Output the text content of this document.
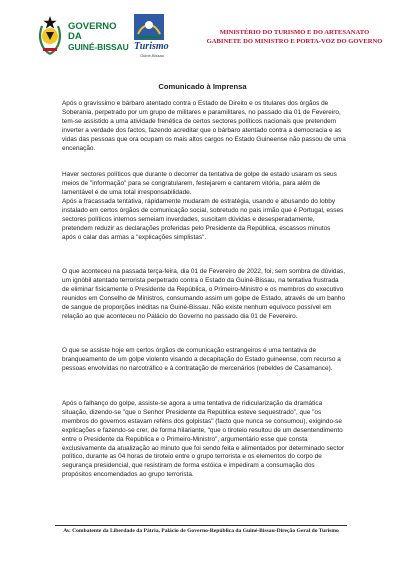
GOVERNO DA
GUINÉ-BISSAU Turismo
Guiné-Bissau
MINISTÉRIO DO TURISMO E DO ARTESANATO
GABINETE DO MINISTRO E PORTA-VOZ DO GOVERNO
Comunicado à Imprensa

Após o gravíssimo e bárbaro atentado contra o Estado de Direito e os titulares dos órgãos de Soberania, perpetrado por um grupo de militares e paramilitares, no passado dia 01 de Fevereiro, tem-se assistido a uma atividade frenética de certos sectores políticos nacionais que pretendem inverter a verdade dos factos, fazendo acreditar que o bárbaro atentado contra a democracia e as vidas das pessoas que ora ocupam os mais altos cargos no Estado Guineense não passou de uma encenação.

Haver sectores políticos que durante o decorrer da tentativa de golpe de estado usaram os seus meios de "informação" para se congratularem, festejarem e cantarem vitória, para além de lamentável é de uma total irresponsabilidade.

Após a fracassada tentativa, rápidamente mudaram de estratégia, usando e abusando do lobby instalado em certos órgãos de comunicação social, sobretudo no país irmão que é Portugal, esses sectores políticos internos semeiam inverdades, suscitam dúvidas e desesperadamente, pretendem reduzir as declarações proferidas pelo Presidente da República, escassos minutos após o calar das armas a "explicações simplistas".

O que aconteceu na passada terça-feira, dia 01 de Fevereiro de 2022, foi, sem sombra de dúvidas, um ignóbil atentado terrorista perpetrado contra o Estado da Guiné-Bissau, na tentativa frustrada de eliminar fisicamente o Presidente da República, o Primeiro-Ministro e os membros do executivo reunidos em Conselho de Ministros, consumando assim um golpe de Estado, através de um banho de sangue de proporções inéditas na Guiné-Bissau. Não existe nenhum equívoco possível em relação ao que aconteceu no Palácio do Governo no passado dia 01 de Fevereiro.

O que se assiste hoje em certos órgãos de comunicação estrangeiros é uma tentativa de branqueamento de um golpe violento visando a decapitação do Estado guineense, com recurso a pessoas envolvidas no narcotráfico e à contratação de mercenários (rebeldes de Casamance).

Após o falhanço do golpe, assiste-se agora a uma tentativa de ridicularização da dramática situação, dizendo-se "que o Senhor Presidente da República esteve sequestrado", que "os membros do governos estavam reféns dos golpistas" (facto que nunca se consumou), exigindo-se explicações e fazendo-se crer, de forma hilariante, "que o tiroteio resultou de um desentendimento entre o Presidente da República e o Primeiro-Ministro", argumentário esse que consta exclusivamente da atualização ao minuto que foi sendo feita e alimentados por determinado sector político, durante as 04 horas de tiroteio entre o grupo terrorista e os elementos do corpo de segurança presidencial, que resistiram de forma estóica e impediram a consumação dos propósitos encomendados ao grupo terrorista.

Av. Combatente da Liberdade da Pátria, Palácio de Governo-República da Guiné-Bissau-Direção Geral do Turismo
